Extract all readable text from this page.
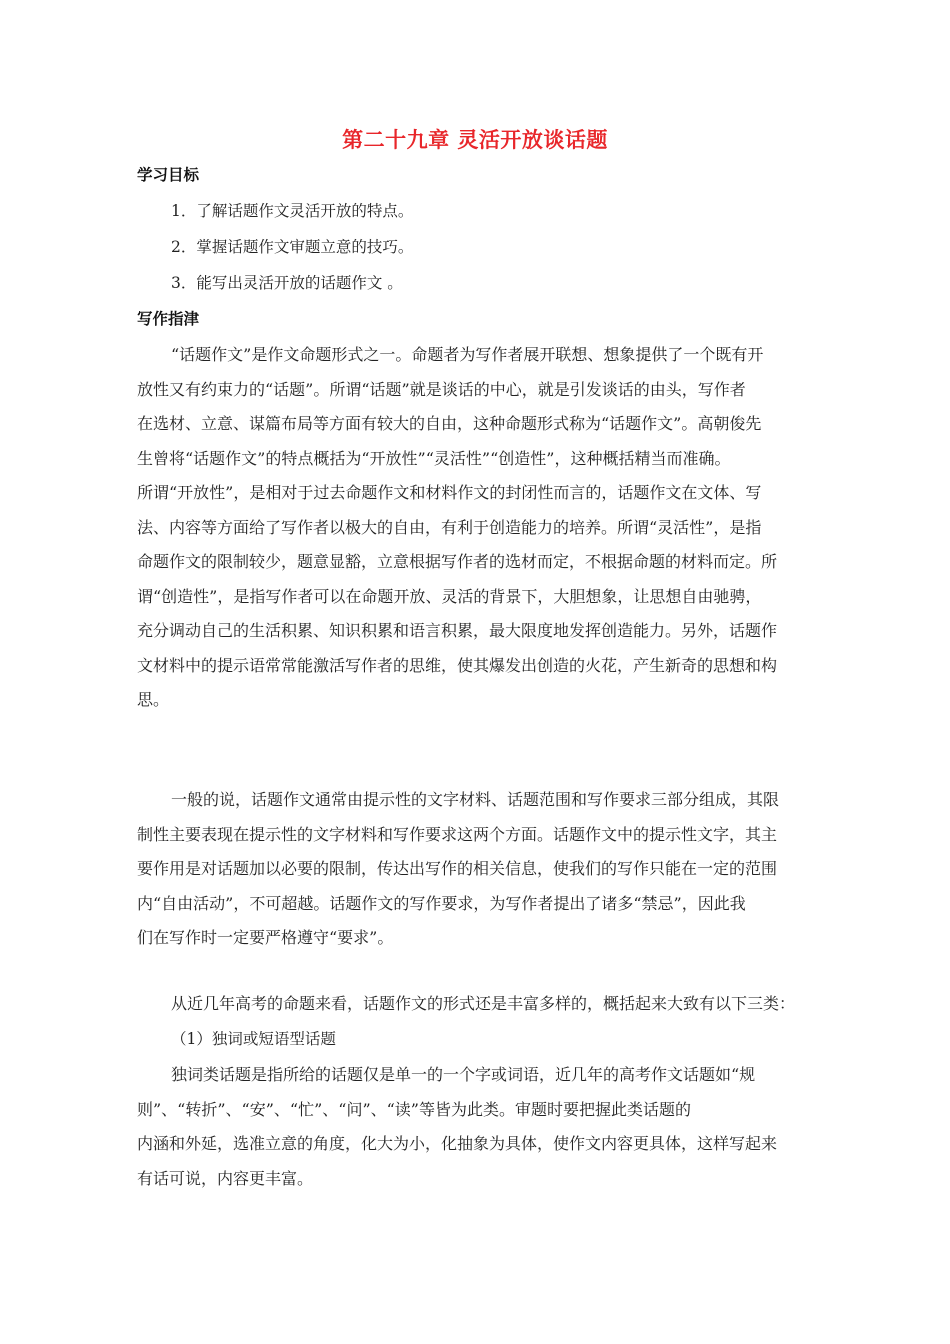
第二十九章 灵活开放谈话题
学习目标
1．了解话题作文灵活开放的特点。
2．掌握话题作文审题立意的技巧。
3．能写出灵活开放的话题作文 。
写作指津
“话题作文”是作文命题形式之一。命题者为写作者展开联想、想象提供了一个既有开
放性又有约束力的“话题”。所谓“话题”就是谈话的中心，就是引发谈话的由头，写作者
在选材、立意、谋篇布局等方面有较大的自由，这种命题形式称为“话题作文”。高朝俊先
生曾将“话题作文”的特点概括为“开放性”“灵活性”“创造性”，这种概括精当而准确。
所谓“开放性”，是相对于过去命题作文和材料作文的封闭性而言的，话题作文在文体、写
法、内容等方面给了写作者以极大的自由，有利于创造能力的培养。所谓“灵活性”，是指
命题作文的限制较少，题意显豁，立意根据写作者的选材而定，不根据命题的材料而定。所
谓“创造性”，是指写作者可以在命题开放、灵活的背景下，大胆想象，让思想自由驰骋，
充分调动自己的生活积累、知识积累和语言积累，最大限度地发挥创造能力。另外，话题作
文材料中的提示语常常能激活写作者的思维，使其爆发出创造的火花，产生新奇的思想和构
思。
一般的说，话题作文通常由提示性的文字材料、话题范围和写作要求三部分组成，其限
制性主要表现在提示性的文字材料和写作要求这两个方面。话题作文中的提示性文字，其主
要作用是对话题加以必要的限制，传达出写作的相关信息，使我们的写作只能在一定的范围
内“自由活动”，不可超越。话题作文的写作要求，为写作者提出了诸多“禁忌”，因此我
们在写作时一定要严格遵守“要求”。
从近几年高考的命题来看，话题作文的形式还是丰富多样的，概括起来大致有以下三类：
（1）独词或短语型话题
独词类话题是指所给的话题仅是单一的一个字或词语，近几年的高考作文话题如“规
则”、“转折”、“安”、“忙”、“问”、“读”等皆为此类。审题时要把握此类话题的
内涵和外延，选准立意的角度，化大为小，化抽象为具体，使作文内容更具体，这样写起来
有话可说，内容更丰富。
